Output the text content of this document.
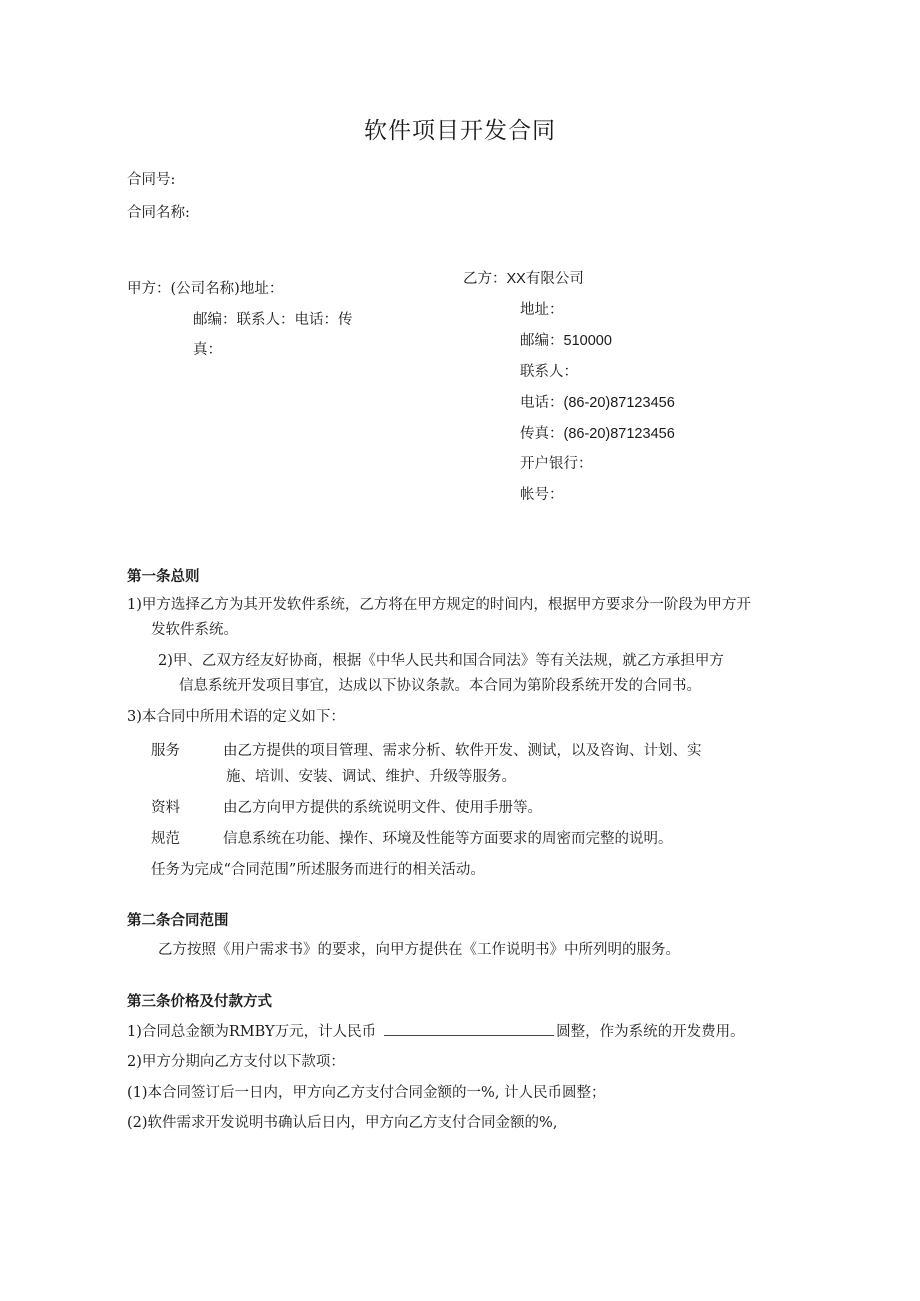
软件项目开发合同
合同号:
合同名称:
甲方：(公司名称)地址：
邮编：联系人：电话：传
真：
乙方：XX有限公司
地址：
邮编：510000
联系人：
电话：(86-20)87123456
传真：(86-20)87123456
开户银行：
帐号：
第一条总则
1)甲方选择乙方为其开发软件系统，乙方将在甲方规定的时间内，根据甲方要求分一阶段为甲方开
发软件系统。
2)甲、乙双方经友好协商，根据《中华人民共和国合同法》等有关法规，就乙方承担甲方
信息系统开发项目事宜，达成以下协议条款。本合同为第阶段系统开发的合同书。
3)本合同中所用术语的定义如下：
服务	由乙方提供的项目管理、需求分析、软件开发、测试，以及咨询、计划、实
施、培训、安装、调试、维护、升级等服务。
资料	由乙方向甲方提供的系统说明文件、使用手册等。
规范	信息系统在功能、操作、环境及性能等方面要求的周密而完整的说明。
任务为完成“合同范围”所述服务而进行的相关活动。
第二条合同范围
乙方按照《用户需求书》的要求，向甲方提供在《工作说明书》中所列明的服务。
第三条价格及付款方式
1)合同总金额为RMBY万元，计人民币	圆整，作为系统的开发费用。
2)甲方分期向乙方支付以下款项：
(1)本合同签订后一日内，甲方向乙方支付合同金额的一%, 计人民币圆整；
(2)软件需求开发说明书确认后日内，甲方向乙方支付合同金额的%,
